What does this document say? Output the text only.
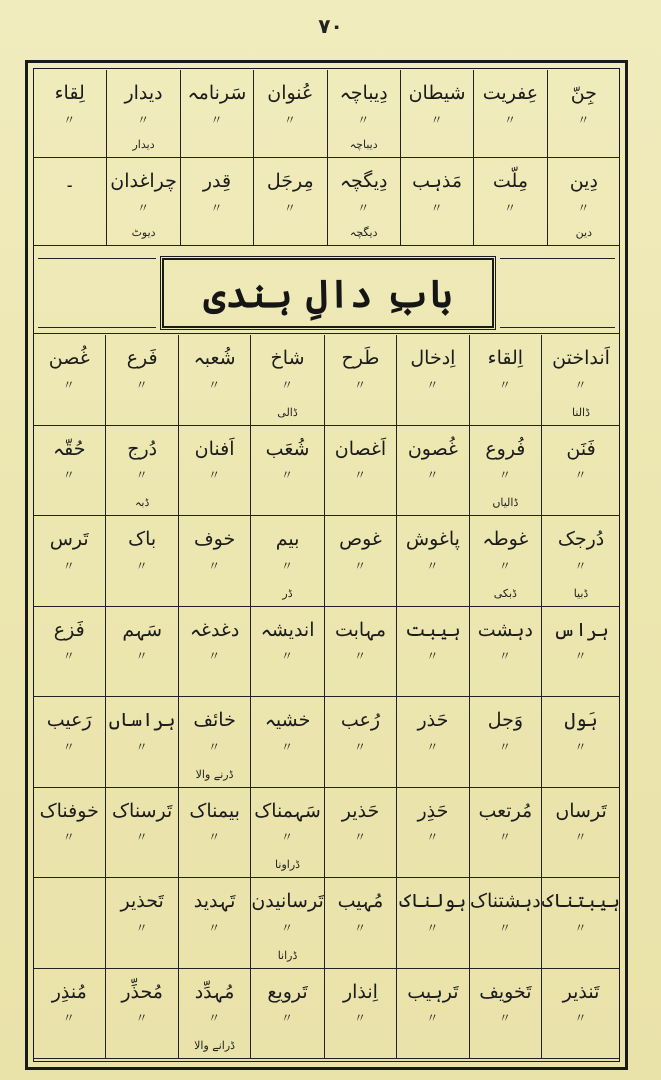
۷۰
جِنّ
〃
عِفریت
〃
شیطان
〃
دِیباچہ
〃
دیباچہ
عُنوان
〃
سَرنامہ
〃
دیدار
〃
دیدار
لِقاء
〃
دِین
〃
دین
مِلّت
〃
مَذہب
〃
دِیگچہ
〃
دیگچہ
مِرجَل
〃
قِدر
〃
چراغدان
〃
دیوٹ
۔
بابِ دالِ ہندی
اَنداختن
〃
ڈالنا
اِلقاء
〃
اِدخال
〃
طَرح
〃
شاخ
〃
ڈالی
شُعبہ
〃
فَرع
〃
غُصن
〃
فَنَن
〃
فُروع
〃
ڈالیاں
غُصون
〃
اَغصان
〃
شُعَب
〃
اَفنان
〃
دُرج
〃
ڈبہ
حُقّہ
〃
دُرجک
〃
ڈبیا
غوطہ
〃
ڈبکی
پاغوش
〃
غوص
〃
بیم
〃
ڈر
خوف
〃
باک
〃
تَرس
〃
ہراس
〃
دہشت
〃
ہیبت
〃
مہابت
〃
اندیشہ
〃
دغدغہ
〃
سَہم
〃
فَزع
〃
ہَول
〃
وَجل
〃
حَذر
〃
رُعب
〃
خشیہ
〃
خائف
〃
ڈرنے والا
ہراساں
〃
رَعیب
〃
تَرساں
〃
مُرتعب
〃
حَذِر
〃
حَذیر
〃
سَہمناک
〃
ڈراونا
بیمناک
〃
تَرسناک
〃
خوفناک
〃
ہیبتناک
〃
دہشتناک
〃
ہولناک
〃
مُہیب
〃
تَرسانیدن
〃
ڈرانا
تَہدید
〃
تَحذیر
〃
تَنذیر
〃
تَخویف
〃
تَرہیب
〃
اِنذار
〃
تَرویع
〃
مُہدِّد
〃
ڈرانے والا
مُحذِّر
〃
مُنذِر
〃
